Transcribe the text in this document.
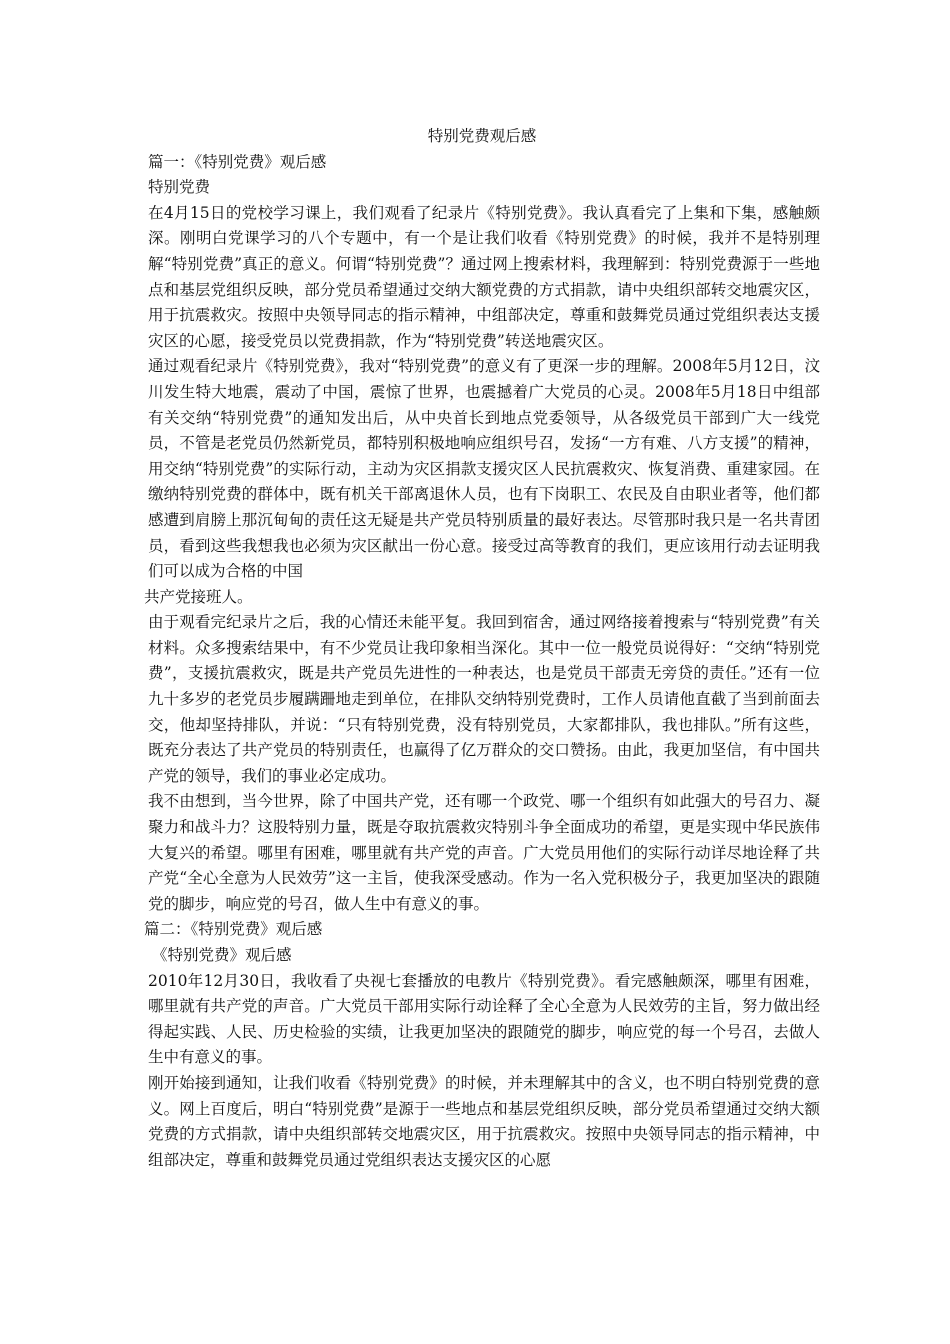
特别党费观后感
篇一：《特别党费》观后感
特别党费

在4月15日的党校学习课上，我们观看了纪录片《特别党费》。我认真看完了上集和下集，感触颇深。刚明白党课学习的八个专题中，有一个是让我们收看《特别党费》的时候，我并不是特别理解“特别党费”真正的意义。何谓“特别党费”？通过网上搜索材料，我理解到：特别党费源于一些地点和基层党组织反映，部分党员希望通过交纳大额党费的方式捐款，请中央组织部转交地震灾区，用于抗震救灾。按照中央领导同志的指示精神，中组部决定，尊重和鼓舞党员通过党组织表达支援灾区的心愿，接受党员以党费捐款，作为“特别党费”转送地震灾区。

通过观看纪录片《特别党费》，我对“特别党费”的意义有了更深一步的理解。2008年5月12日，汶川发生特大地震，震动了中国，震惊了世界，也震撼着广大党员的心灵。2008年5月18日中组部有关交纳“特别党费”的通知发出后，从中央首长到地点党委领导，从各级党员干部到广大一线党员，不管是老党员仍然新党员，都特别积极地响应组织号召，发扬“一方有难、八方支援”的精神，用交纳“特别党费”的实际行动，主动为灾区捐款支援灾区人民抗震救灾、恢复消费、重建家园。在缴纳特别党费的群体中，既有机关干部离退休人员，也有下岗职工、农民及自由职业者等，他们都感遭到肩膀上那沉甸甸的责任这无疑是共产党员特别质量的最好表达。尽管那时我只是一名共青团员，看到这些我想我也必须为灾区献出一份心意。接受过高等教育的我们，更应该用行动去证明我们可以成为合格的中国

共产党接班人。

由于观看完纪录片之后，我的心情还未能平复。我回到宿舍，通过网络接着搜索与“特别党费”有关材料。众多搜索结果中，有不少党员让我印象相当深化。其中一位一般党员说得好：“交纳“特别党费”，支援抗震救灾，既是共产党员先进性的一种表达，也是党员干部责无旁贷的责任。”还有一位九十多岁的老党员步履蹒跚地走到单位，在排队交纳特别党费时，工作人员请他直截了当到前面去交，他却坚持排队，并说：“只有特别党费，没有特别党员，大家都排队，我也排队。”所有这些，既充分表达了共产党员的特别责任，也赢得了亿万群众的交口赞扬。由此，我更加坚信，有中国共产党的领导，我们的事业必定成功。

我不由想到，当今世界，除了中国共产党，还有哪一个政党、哪一个组织有如此强大的号召力、凝聚力和战斗力？这股特别力量，既是夺取抗震救灾特别斗争全面成功的希望，更是实现中华民族伟大复兴的希望。哪里有困难，哪里就有共产党的声音。广大党员用他们的实际行动详尽地诠释了共产党“全心全意为人民效劳”这一主旨，使我深受感动。作为一名入党积极分子，我更加坚决的跟随党的脚步，响应党的号召，做人生中有意义的事。

篇二：《特别党费》观后感
《特别党费》观后感

2010年12月30日，我收看了央视七套播放的电教片《特别党费》。看完感触颇深，哪里有困难，哪里就有共产党的声音。广大党员干部用实际行动诠释了全心全意为人民效劳的主旨，努力做出经得起实践、人民、历史检验的实绩，让我更加坚决的跟随党的脚步，响应党的每一个号召，去做人生中有意义的事。

刚开始接到通知，让我们收看《特别党费》的时候，并未理解其中的含义，也不明白特别党费的意义。网上百度后，明白“特别党费”是源于一些地点和基层党组织反映，部分党员希望通过交纳大额党费的方式捐款，请中央组织部转交地震灾区，用于抗震救灾。按照中央领导同志的指示精神，中组部决定，尊重和鼓舞党员通过党组织表达支援灾区的心愿
